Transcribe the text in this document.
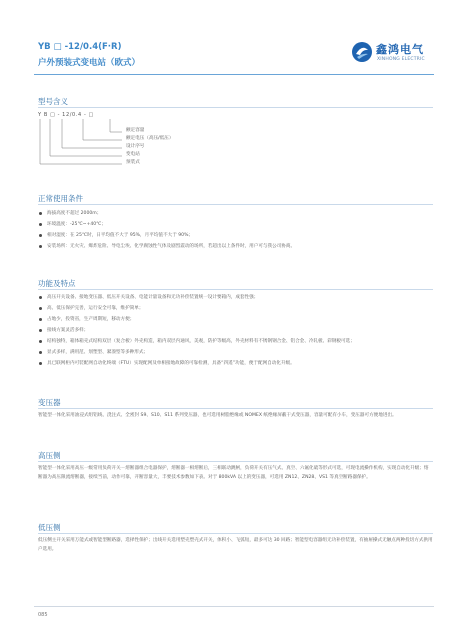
YB □ -12/0.4(F·R)
户外预装式变电站（欧式）
鑫鸿电气
XINHONG ELECTRIC
型号含义
Y B □ - 12/0.4 - □
额定容量
额定电压（高压/低压）
设计序号
变电站
预装式
正常使用条件
海拔高度不超过 2000m；
环境温度：-25℃~+40℃；
相对湿度：在 25℃时，日平均值不大于 95%，月平均值不大于 90%；
安装场所：无火灾、爆炸危险、导电尘埃、化学腐蚀性气体及剧烈震动的场所，若超出以上条件时，用户可与我公司协商。
功能及特点
高压开关设备、接地变压器、低压开关设备、电能计量设备和无功补偿装置统一设计要箱内，成套性强；
高、低压保护完善，运行安全可靠，维护简单；
占地少，投资省，生产周期短，移动方便；
接线方案灵活多样；
结构独特，箱体箱壳式结构双层（复合板）外壳构造，箱内双层内通风，美观，防护等级高，外壳材料有不锈钢钢合金、铝合金、冷轧板、彩钢板可选；
显式多样，满用范、划塑型、紧凑型等多种形式；
具已联网柜内可装配网自动化终端（FTU）实现配网及单相接地故障的可靠检测，具备“四遥”功能，便于配网自动化升级。
变压器
智能型一体化采用油浸式组铝线、浇注式、全密封 S9、S10、S11 系列变压器，也可选用树脂绝缘或 NOMEX 纸绝缘屏蔽干式变压器，容量可配有小车，变压器可方便地进出。
高压侧
智能型一体化采用高压一级常用负荷开关－熔断器组合电器保护，熔断器一相熔断后，三相联动跳闸，负荷开关有压气式、真空、六氟化硫等形式可选，可现电流操作机构，实现自动化升级；熔断器为高压限流熔断器，接续当前，动作可靠，开断容量大，丰要技术参数如下表。对于 800kVA 以上的变压器，可选用 ZN12、ZN28、VS1 等真空断路器保护。
低压侧
低压侧主开关采用万能式或智能型断路器，选择性保护；出线开关选用塑壳塑壳式开关，体积小、飞弧短，最多可达 30 回路；智能型电容器组无功补偿装置，有抽屉操式无触点两种投切方式供用户选用。
085
